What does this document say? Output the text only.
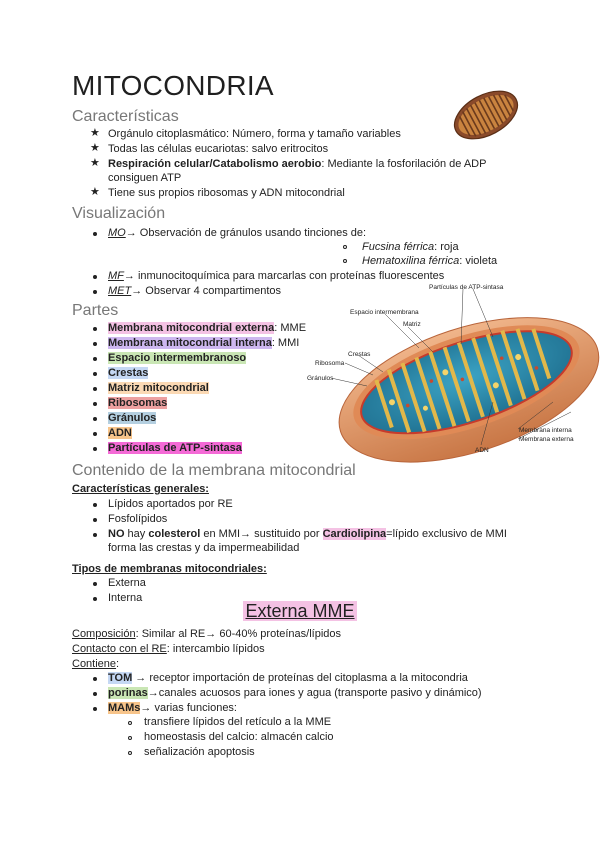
MITOCONDRIA
Características
★ Orgánulo citoplasmático: Número, forma y tamaño variables
★ Todas las células eucariotas: salvo eritrocitos
★ Respiración celular/Catabolismo aerobio: Mediante la fosforilación de ADP
consiguen ATP
★ Tiene sus propios ribosomas y ADN mitocondrial
Visualización
MO→ Observación de gránulos usando tinciones de:
Fucsina férrica: roja
Hematoxilina férrica: violeta
MF→ inmunocitoquímica para marcarlas con proteínas fluorescentes
MET→ Observar 4 compartimentos
Partes
Membrana mitocondrial externa: MME
Membrana mitocondrial interna: MMI
Espacio intermembranoso
Crestas
Matriz mitocondrial
Ribosomas
Gránulos
ADN
Partículas de ATP-sintasa
Partículas de ATP-sintasa
Espacio intermembrana
Matriz
Crestas
Ribosoma
Gránulos
Membrana interna
Membrana externa
ADN
Contenido de la membrana mitocondrial
Características generales:
Lípidos aportados por RE
Fosfolípidos
NO hay colesterol en MMI→ sustituido por Cardiolipina=lípido exclusivo de MMI
forma las crestas y da impermeabilidad
Tipos de membranas mitocondriales:
Externa
Interna
Externa MME
Composición: Similar al RE→ 60-40% proteínas/lípidos
Contacto con el RE: intercambio lípidos
Contiene:
TOM → receptor importación de proteínas del citoplasma a la mitocondria
porinas→canales acuosos para iones y agua (transporte pasivo y dinámico)
MAMs→ varias funciones:
transfiere lípidos del retículo a la MME
homeostasis del calcio: almacén calcio
señalización apoptosis
